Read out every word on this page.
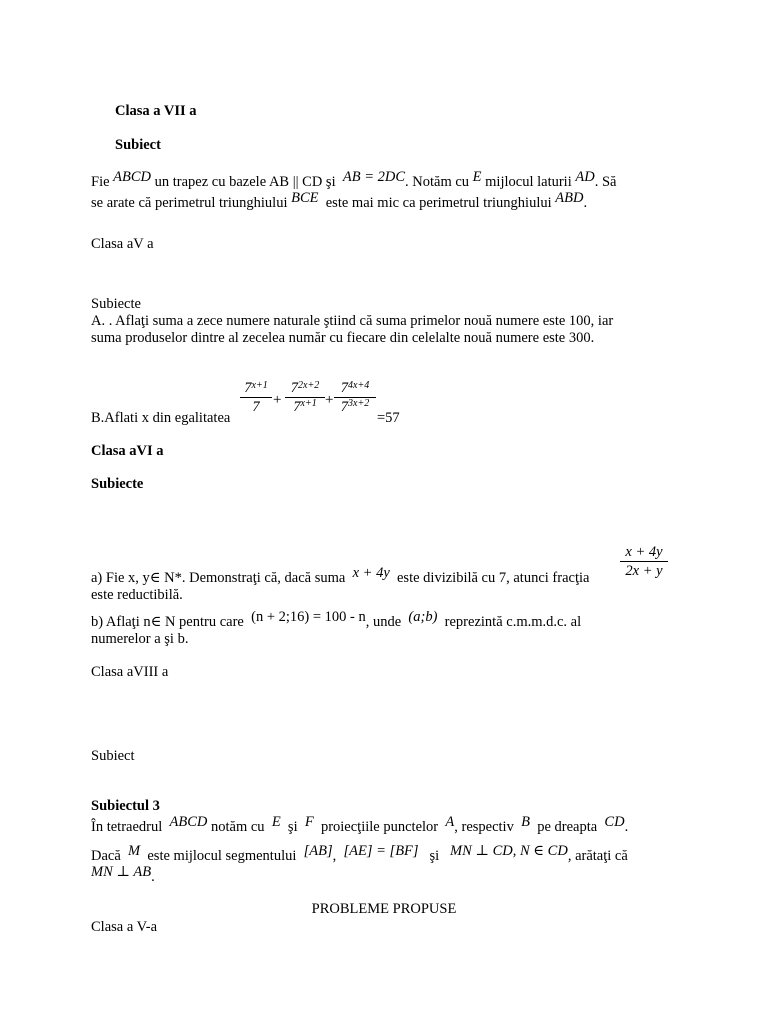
Clasa a VII a
Subiect
Fie ABCD un trapez cu bazele AB || CD şi AB = 2DC. Notăm cu E mijlocul laturii AD. Să
se arate că perimetrul triunghiului BCE este mai mic ca perimetrul triunghiului ABD.
Clasa aV a
Subiecte
A. . Aflaţi suma a zece numere naturale ştiind că suma primelor nouă numere este 100, iar
suma produselor dintre al zecelea număr cu fiecare din celelalte nouă numere este 300.
B.Aflati x din egalitatea
$\frac{7^{x+1}}{7} + \frac{7^{2x+2}}{7^{x+1}} + \frac{7^{4x+4}}{7^{3x+2}}$
=57
Clasa aVI a
Subiecte
$\frac{x + 4y}{2x + y}$
a) Fie x, y∈ N*. Demonstraţi că, dacă suma x + 4y este divizibilă cu 7, atunci fracţia
este reductibilă.
b) Aflaţi n∈ N pentru care (n + 2;16) = 100 - n, unde (a;b) reprezintă c.m.m.d.c. al
numerelor a şi b.
Clasa aVIII a
Subiect
Subiectul 3
În tetraedrul ABCD notăm cu E şi F proiecţiile punctelor A, respectiv B pe dreapta CD.
Dacă M este mijlocul segmentului [AB], [AE] = [BF] şi MN ⊥ CD, N ∈ CD, arătaţi că
MN ⊥ AB.
PROBLEME PROPUSE
Clasa a V-a
